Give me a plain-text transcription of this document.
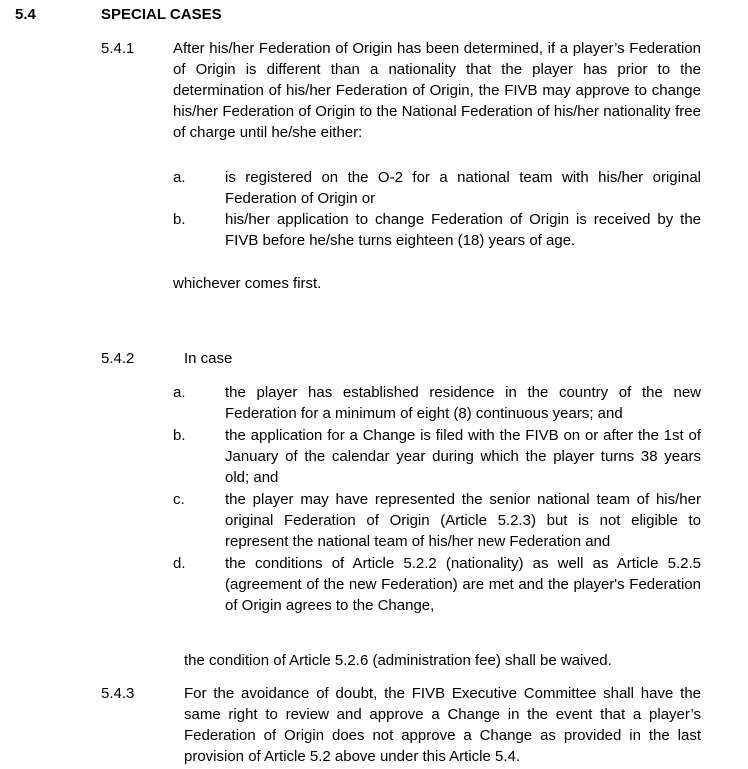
5.4	SPECIAL CASES
5.4.1	After his/her Federation of Origin has been determined, if a player’s Federation of Origin is different than a nationality that the player has prior to the determination of his/her Federation of Origin, the FIVB may approve to change his/her Federation of Origin to the National Federation of his/her nationality free of charge until he/she either:

a.	is registered on the O-2 for a national team with his/her original Federation of Origin or

b.	his/her application to change Federation of Origin is received by the FIVB before he/she turns eighteen (18) years of age.

whichever comes first.

5.4.2	In case

a.	the player has established residence in the country of the new Federation for a minimum of eight (8) continuous years; and

b.	the application for a Change is filed with the FIVB on or after the 1st of January of the calendar year during which the player turns 38 years old; and

c.	the player may have represented the senior national team of his/her original Federation of Origin (Article 5.2.3) but is not eligible to represent the national team of his/her new Federation and

d.	the conditions of Article 5.2.2 (nationality) as well as Article 5.2.5 (agreement of the new Federation) are met and the player's Federation of Origin agrees to the Change,

the condition of Article 5.2.6 (administration fee) shall be waived.

5.4.3	For the avoidance of doubt, the FIVB Executive Committee shall have the same right to review and approve a Change in the event that a player’s Federation of Origin does not approve a Change as provided in the last provision of Article 5.2 above under this Article 5.4.
